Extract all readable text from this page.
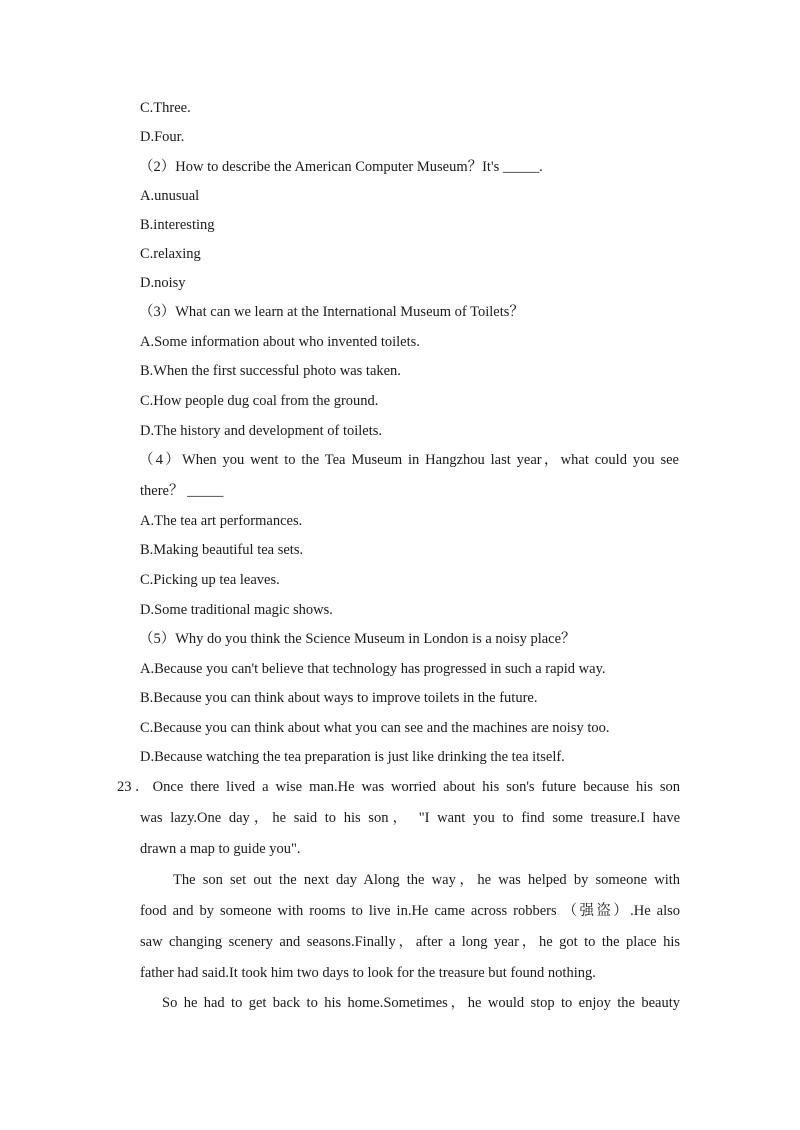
C.Three.
D.Four.
（2）How to describe the American Computer Museum？It's _____.
A.unusual
B.interesting
C.relaxing
D.noisy
（3）What can we learn at the International Museum of Toilets？
A.Some information about who invented toilets.
B.When the first successful photo was taken.
C.How people dug coal from the ground.
D.The history and development of toilets.
（4）When you went to the Tea Museum in Hangzhou last year，what could you see
there？ _____
A.The tea art performances.
B.Making beautiful tea sets.
C.Picking up tea leaves.
D.Some traditional magic shows.
（5）Why do you think the Science Museum in London is a noisy place？
A.Because you can't believe that technology has progressed in such a rapid way.
B.Because you can think about ways to improve toilets in the future.
C.Because you can think about what you can see and the machines are noisy too.
D.Because watching the tea preparation is just like drinking the tea itself.
23．Once there lived a wise man.He was worried about his son's future because his son
was lazy.One day，he said to his son， "I want you to find some treasure.I have
drawn a map to guide you".
The son set out the next day Along the way，he was helped by someone with
food and by someone with rooms to live in.He came across robbers （强盗）.He also
saw changing scenery and seasons.Finally，after a long year，he got to the place his
father had said.It took him two days to look for the treasure but found nothing.
So he had to get back to his home.Sometimes，he would stop to enjoy the beauty
